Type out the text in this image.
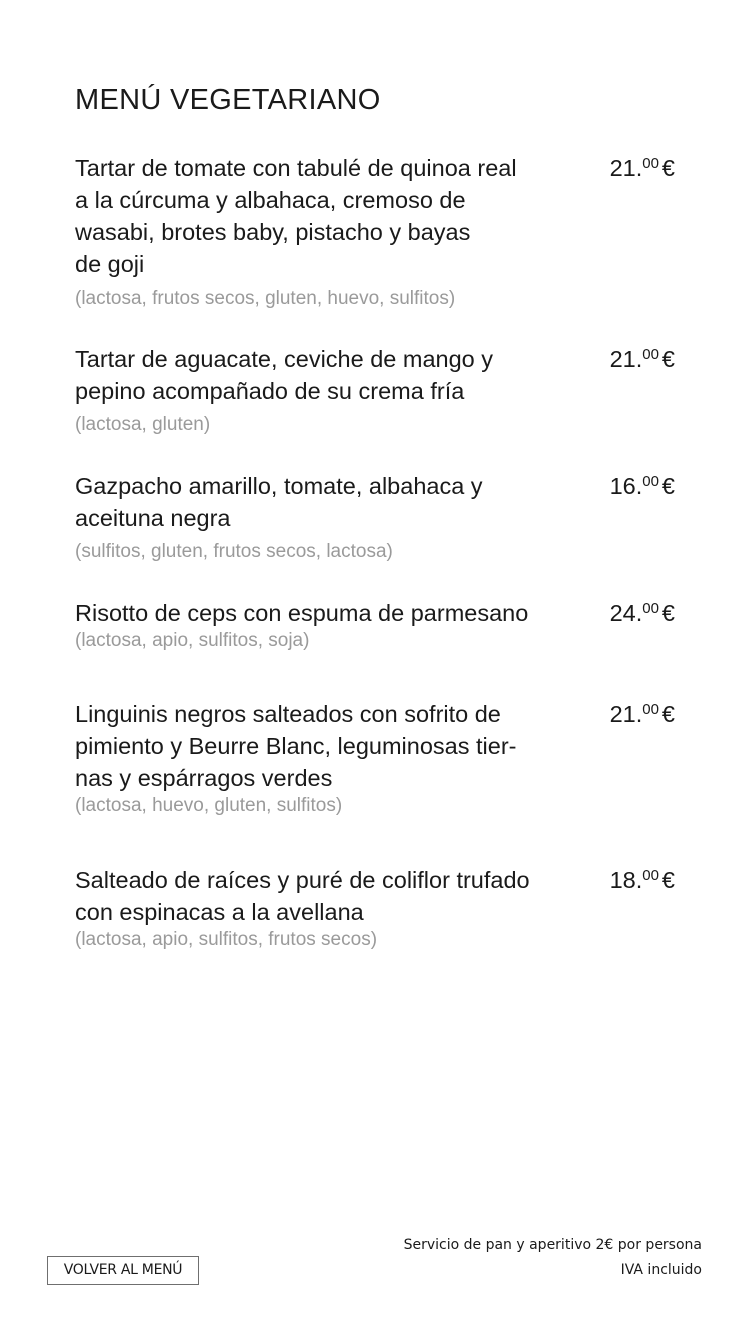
MENÚ VEGETARIANO
Tartar de tomate con tabulé de quinoa real
a la cúrcuma y albahaca, cremoso de
wasabi, brotes baby, pistacho y bayas
de goji
(lactosa, frutos secos, gluten, huevo, sulfitos)
21.00 €
Tartar de aguacate, ceviche de mango y
pepino acompañado de su crema fría
(lactosa, gluten)
21.00 €
Gazpacho amarillo, tomate, albahaca y
aceituna negra
(sulfitos, gluten, frutos secos, lactosa)
16.00 €
Risotto de ceps con espuma de parmesano
(lactosa, apio, sulfitos, soja)
24.00 €
Linguinis negros salteados con sofrito de
pimiento y Beurre Blanc, leguminosas tier-
nas y espárragos verdes
(lactosa, huevo, gluten, sulfitos)
21.00 €
Salteado de raíces y puré de coliflor trufado
con espinacas a la avellana
(lactosa, apio, sulfitos, frutos secos)
18.00 €
VOLVER AL MENÚ
Servicio de pan y aperitivo 2€ por persona
IVA incluido
